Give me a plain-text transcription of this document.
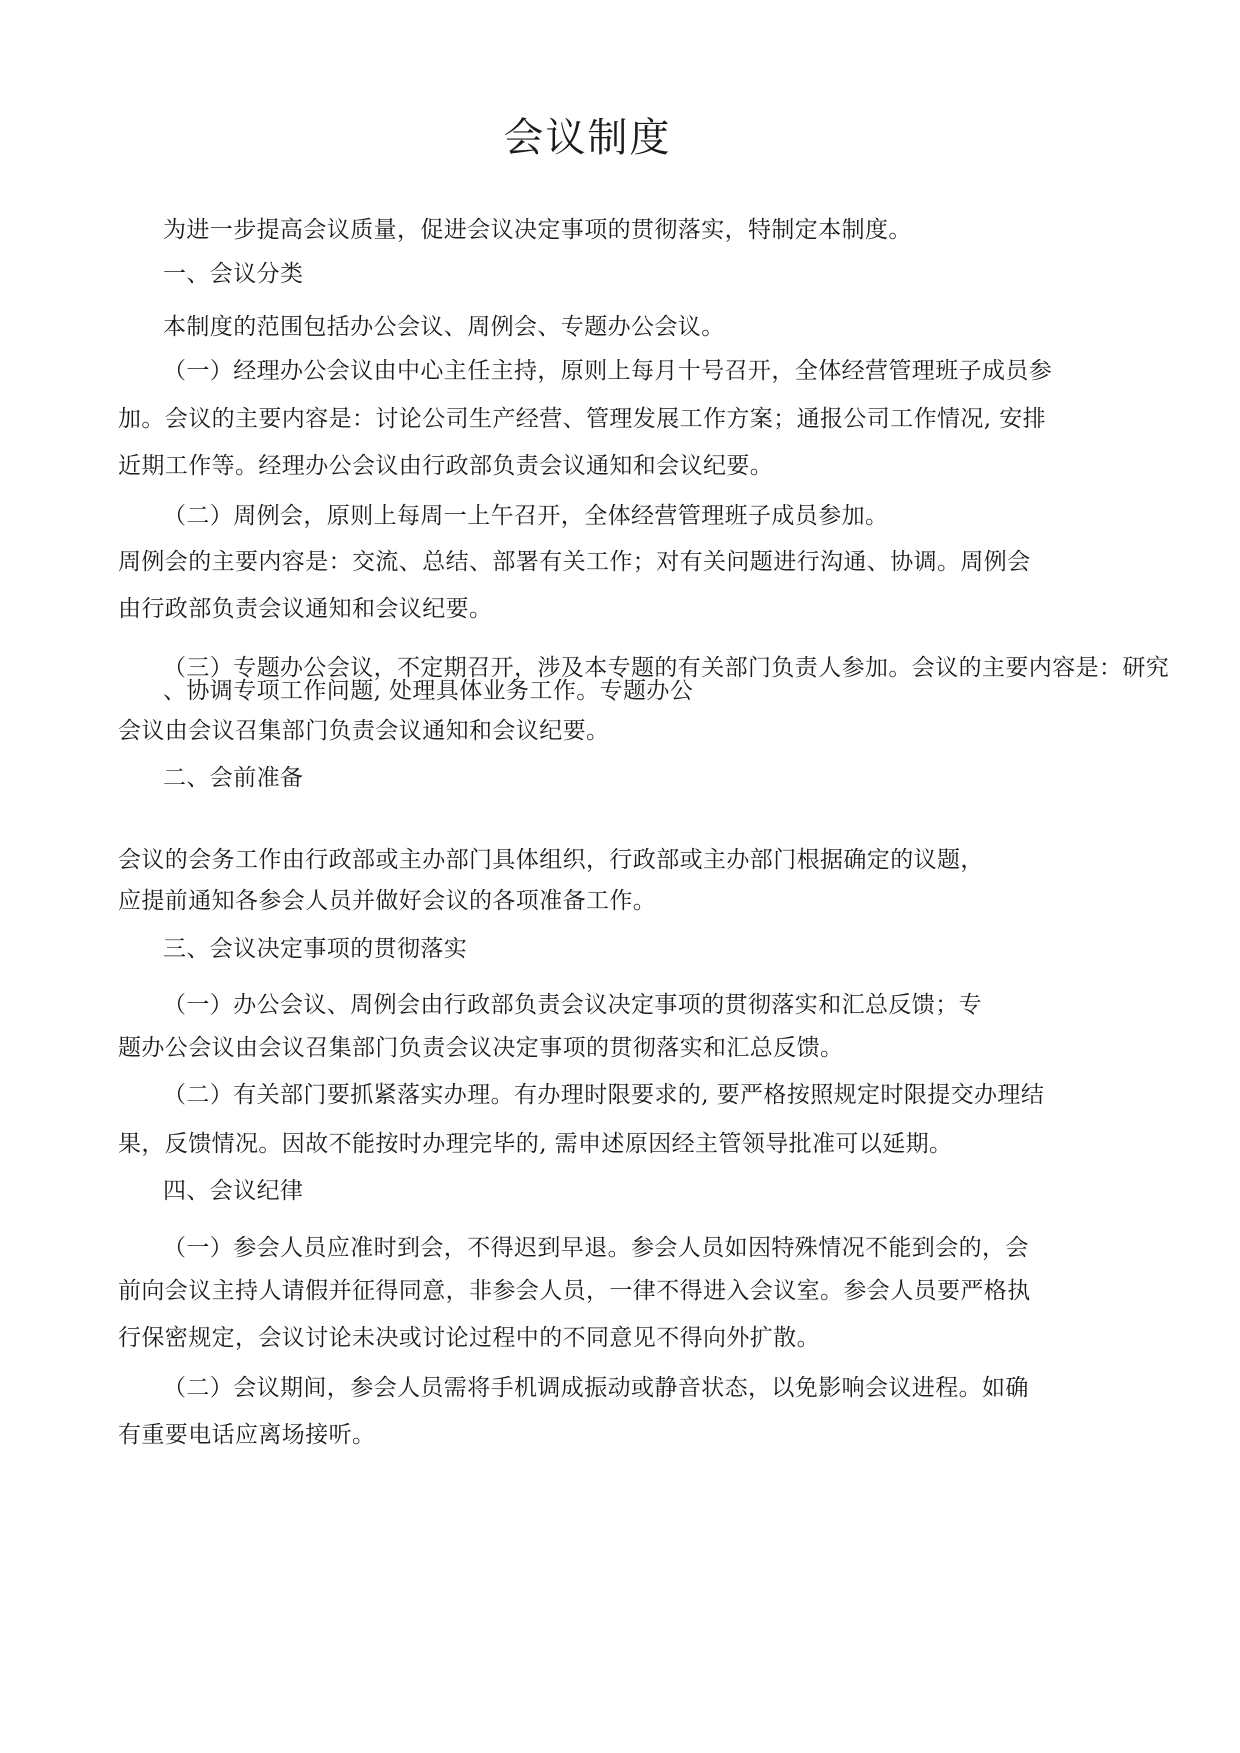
会议制度
为进一步提高会议质量，促进会议决定事项的贯彻落实，特制定本制度。
一、会议分类
本制度的范围包括办公会议、周例会、专题办公会议。
（一）经理办公会议由中心主任主持，原则上每月十号召开，全体经营管理班子成员参
加。会议的主要内容是：讨论公司生产经营、管理发展工作方案；通报公司工作情况, 安排
近期工作等。经理办公会议由行政部负责会议通知和会议纪要。
（二）周例会，原则上每周一上午召开，全体经营管理班子成员参加。
周例会的主要内容是：交流、总结、部署有关工作；对有关问题进行沟通、协调。周例会
由行政部负责会议通知和会议纪要。
（三）专题办公会议，不定期召开，涉及本专题的有关部门负责人参加。会议的主要内容是：研究
、协调专项工作问题, 处理具体业务工作。专题办公
会议由会议召集部门负责会议通知和会议纪要。
二、会前准备
会议的会务工作由行政部或主办部门具体组织，行政部或主办部门根据确定的议题，
应提前通知各参会人员并做好会议的各项准备工作。
三、会议决定事项的贯彻落实
（一）办公会议、周例会由行政部负责会议决定事项的贯彻落实和汇总反馈；专
题办公会议由会议召集部门负责会议决定事项的贯彻落实和汇总反馈。
（二）有关部门要抓紧落实办理。有办理时限要求的, 要严格按照规定时限提交办理结
果，反馈情况。因故不能按时办理完毕的, 需申述原因经主管领导批准可以延期。
四、会议纪律
（一）参会人员应准时到会，不得迟到早退。参会人员如因特殊情况不能到会的，会
前向会议主持人请假并征得同意，非参会人员，一律不得进入会议室。参会人员要严格执
行保密规定，会议讨论未决或讨论过程中的不同意见不得向外扩散。
（二）会议期间，参会人员需将手机调成振动或静音状态，以免影响会议进程。如确
有重要电话应离场接听。
